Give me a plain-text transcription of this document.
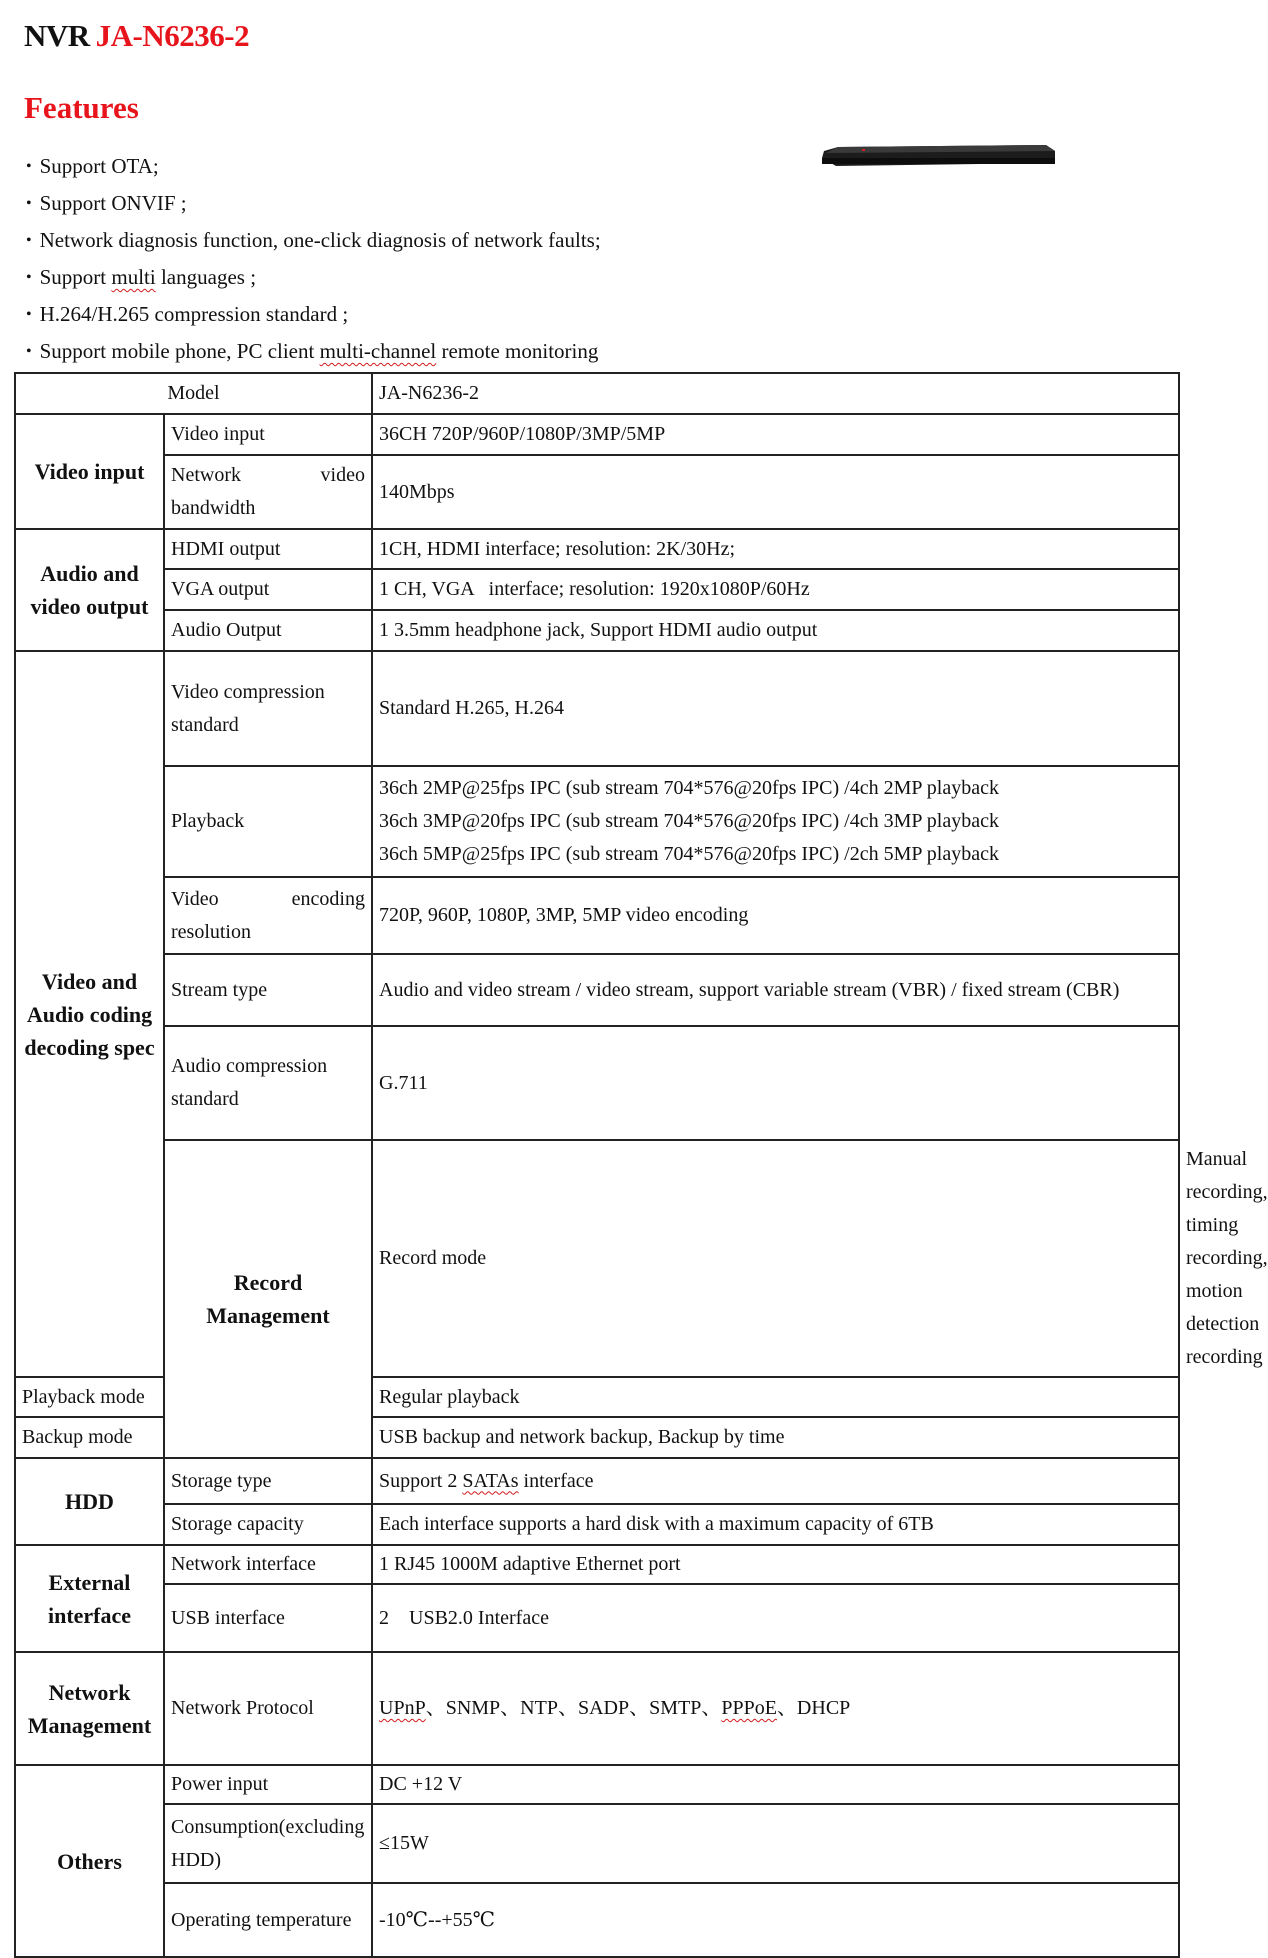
NVR JA-N6236-2
Features
• Support OTA;
• Support ONVIF ;
• Network diagnosis function, one-click diagnosis of network faults;
• Support multi languages ;
• H.264/H.265 compression standard ;
• Support mobile phone, PC client multi-channel remote monitoring
Model		JA-N6236-2	
Video input	Video input	36CH 720P/960P/1080P/3MP/5MP	
	Network video bandwidth	140Mbps	
Audio and video output	HDMI output	1CH, HDMI interface; resolution: 2K/30Hz;	
	VGA output	1 CH, VGA   interface; resolution: 1920x1080P/60Hz	
	Audio Output	1 3.5mm headphone jack, Support HDMI audio output	
Video and Audio coding decoding spec	Video compression standard	Standard H.265, H.264	
	Playback	36ch 2MP@25fps IPC (sub stream 704*576@20fps IPC) /4ch 2MP playback
36ch 3MP@20fps IPC (sub stream 704*576@20fps IPC) /4ch 3MP playback
36ch 5MP@25fps IPC (sub stream 704*576@20fps IPC) /2ch 5MP playback	

	Video encoding resolution	720P, 960P, 1080P, 3MP, 5MP video encoding	
	Stream type	Audio and video stream / video stream, support variable stream (VBR) / fixed stream (CBR)	
	Audio compression standard	G.711	
	Record Management	Record mode	Manual recording, timing recording, motion detection recording
Playback mode		Regular playback	
Backup mode		USB backup and network backup, Backup by time	
HDD	Storage type	Support 2 SATAs interface	
	Storage capacity	Each interface supports a hard disk with a maximum capacity of 6TB	
External interface	Network interface	1 RJ45 1000M adaptive Ethernet port	
	USB interface	2    USB2.0 Interface	
Network Management	Network Protocol	UPnP、SNMP、NTP、SADP、SMTP、PPPoE、DHCP	
Others	Power input	DC +12 V	
	Consumption(excluding HDD)	≤15W	
	Operating temperature	-10℃--+55℃	
